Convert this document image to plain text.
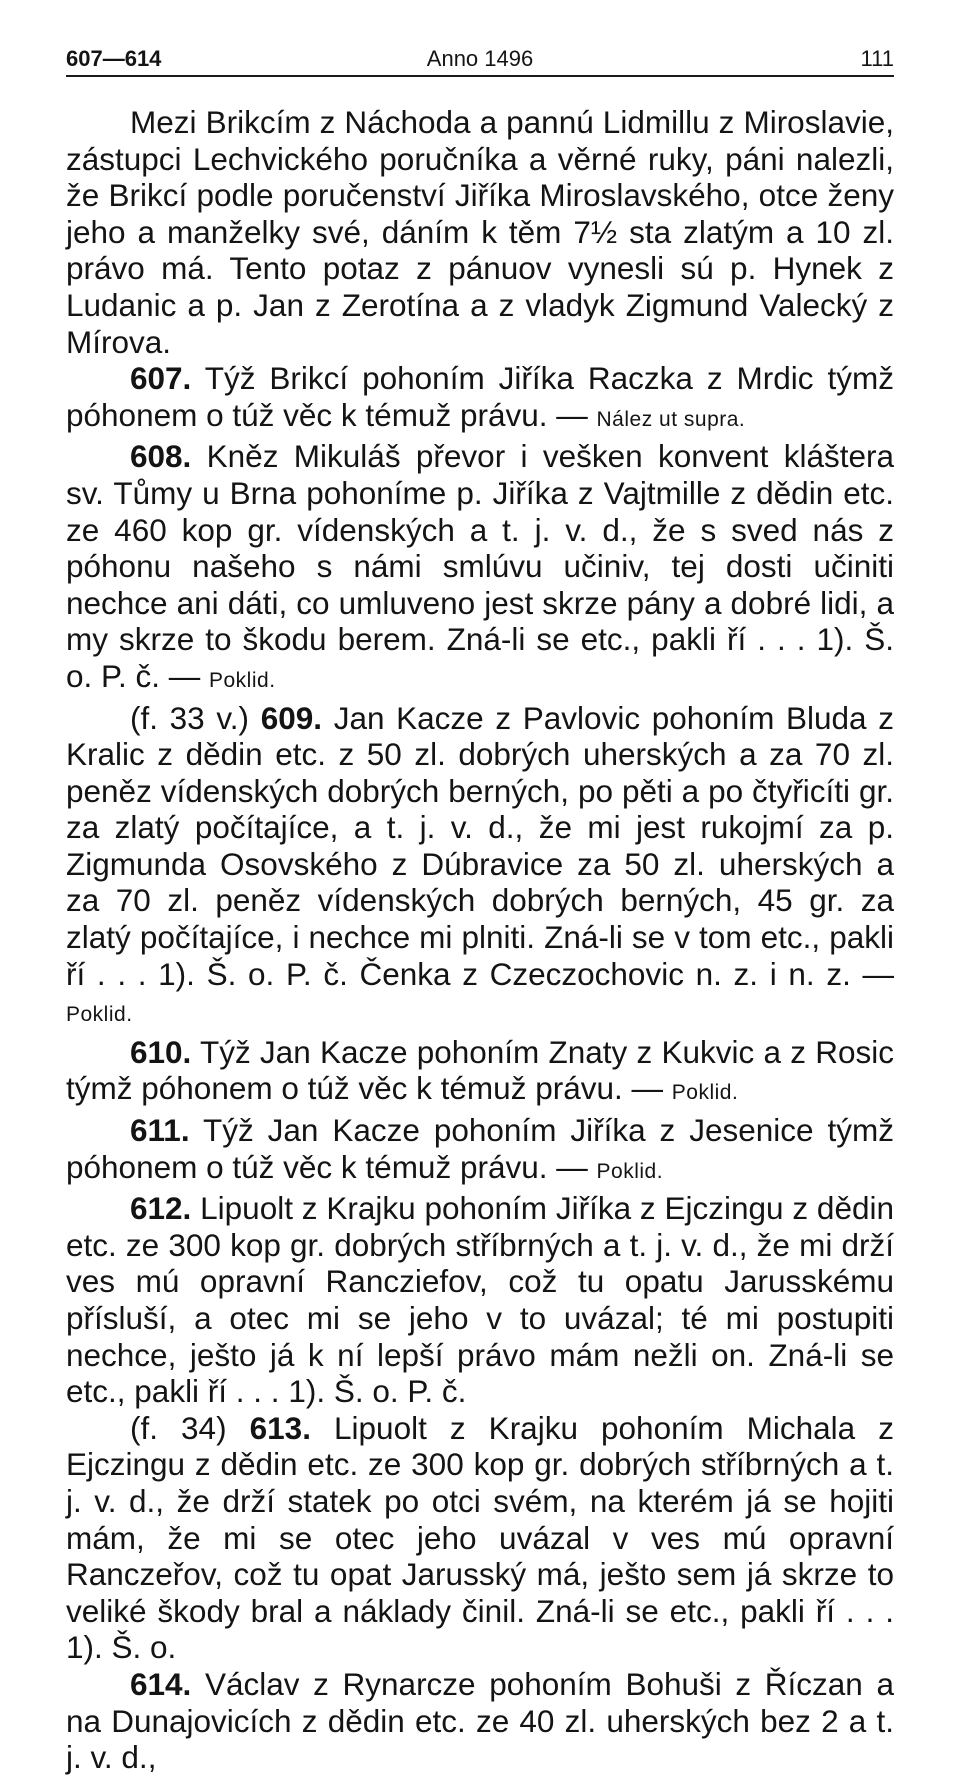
607—614	Anno 1496	111

Mezi Brikcím z Náchoda a pannú Lidmillu z Miroslavie, zástupci Lechvického poručníka a věrné ruky, páni nalezli, že Brikcí podle poručenství Jiříka Miroslavského, otce ženy jeho a manželky své, dáním k těm 7½ sta zlatým a 10 zl. právo má. Tento potaz z pánuov vynesli sú p. Hynek z Ludanic a p. Jan z Zerotína a z vladyk Zigmund Valecký z Mírova.

607. Týž Brikcí pohoním Jiříka Raczka z Mrdic týmž póhonem o túž věc k témuž právu. — Nález ut supra.

608. Kněz Mikuláš převor i vešken konvent kláštera sv. Tůmy u Brna pohoníme p. Jiříka z Vajtmille z dědin etc. ze 460 kop gr. vídenských a t. j. v. d., že s sved nás z póhonu našeho s námi smlúvu učiniv, tej dosti učiniti nechce ani dáti, co umluveno jest skrze pány a dobré lidi, a my skrze to škodu berem. Zná-li se etc., pakli ří . . . 1). Š. o. P. č. — Poklid.

(f. 33 v.) 609. Jan Kacze z Pavlovic pohoním Bluda z Kralic z dědin etc. z 50 zl. dobrých uherských a za 70 zl. peněz vídenských dobrých berných, po pěti a po čtyřicíti gr. za zlatý počítajíce, a t. j. v. d., že mi jest rukojmí za p. Zigmunda Osovského z Dúbravice za 50 zl. uherských a za 70 zl. peněz vídenských dobrých berných, 45 gr. za zlatý počítajíce, i nechce mi plniti. Zná-li se v tom etc., pakli ří . . . 1). Š. o. P. č. Čenka z Czeczochovic n. z. i n. z. — Poklid.

610. Týž Jan Kacze pohoním Znaty z Kukvic a z Rosic týmž póhonem o túž věc k témuž právu. — Poklid.

611. Týž Jan Kacze pohoním Jiříka z Jesenice týmž póhonem o túž věc k témuž právu. — Poklid.

612. Lipuolt z Krajku pohoním Jiříka z Ejczingu z dědin etc. ze 300 kop gr. dobrých stříbrných a t. j. v. d., že mi drží ves mú opravní Rancziefov, což tu opatu Jarusskému přísluší, a otec mi se jeho v to uvázal; té mi postupiti nechce, ješto já k ní lepší právo mám nežli on. Zná-li se etc., pakli ří . . . 1). Š. o. P. č.

(f. 34) 613. Lipuolt z Krajku pohoním Michala z Ejczingu z dědin etc. ze 300 kop gr. dobrých stříbrných a t. j. v. d., že drží statek po otci svém, na kterém já se hojiti mám, že mi se otec jeho uvázal v ves mú opravní Ranczeřov, což tu opat Jarusský má, ješto sem já skrze to veliké škody bral a náklady činil. Zná-li se etc., pakli ří . . . 1). Š. o.

614. Václav z Rynarcze pohoním Bohuši z Říczan a na Dunajovicích z dědin etc. ze 40 zl. uherských bez 2 a t. j. v. d.,
